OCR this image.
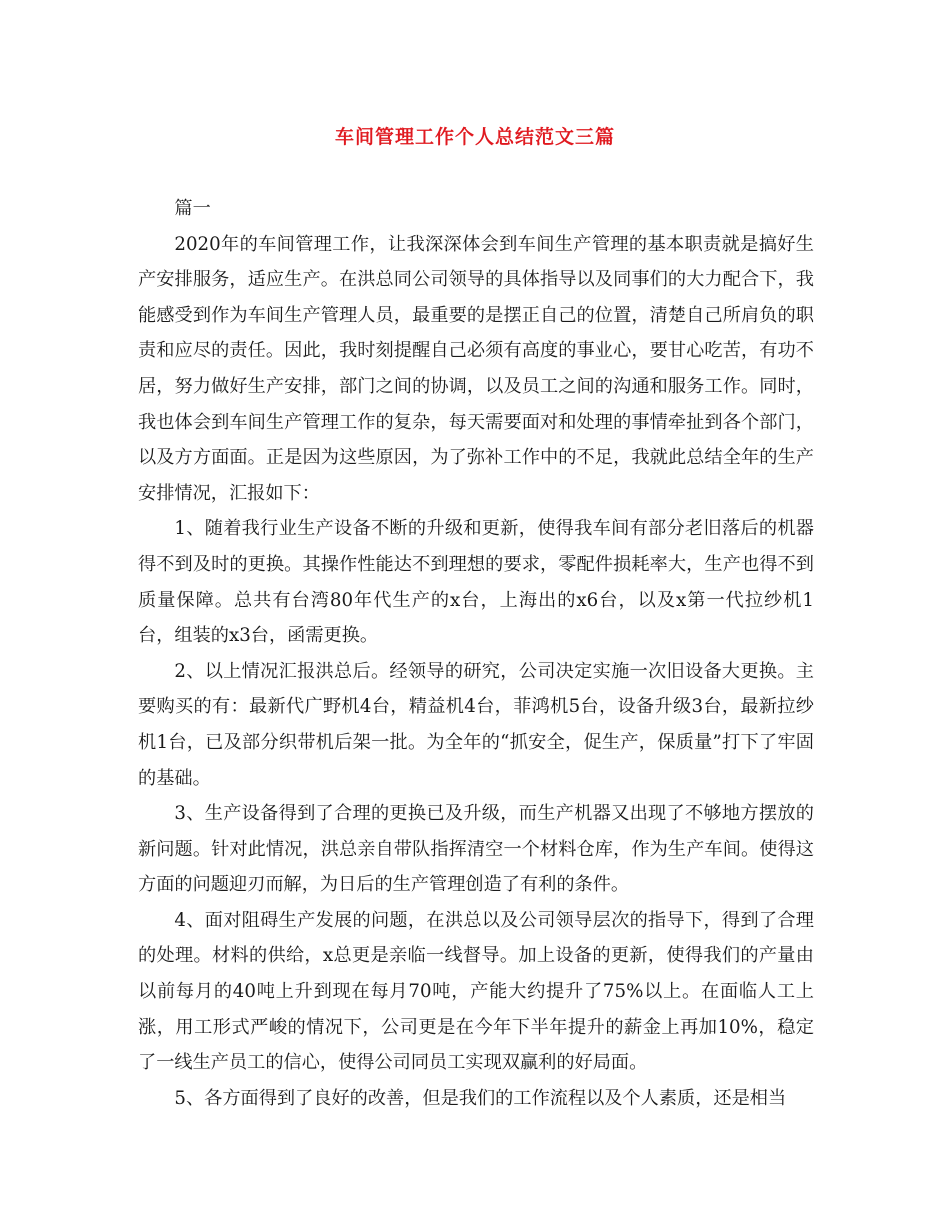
车间管理工作个人总结范文三篇

篇一

2020年的车间管理工作，让我深深体会到车间生产管理的基本职责就是搞好生产安排服务，适应生产。在洪总同公司领导的具体指导以及同事们的大力配合下，我能感受到作为车间生产管理人员，最重要的是摆正自己的位置，清楚自己所肩负的职责和应尽的责任。因此，我时刻提醒自己必须有高度的事业心，要甘心吃苦，有功不居，努力做好生产安排，部门之间的协调，以及员工之间的沟通和服务工作。同时，我也体会到车间生产管理工作的复杂，每天需要面对和处理的事情牵扯到各个部门，以及方方面面。正是因为这些原因，为了弥补工作中的不足，我就此总结全年的生产安排情况，汇报如下：

1、随着我行业生产设备不断的升级和更新，使得我车间有部分老旧落后的机器得不到及时的更换。其操作性能达不到理想的要求，零配件损耗率大，生产也得不到质量保障。总共有台湾80年代生产的x台，上海出的x6台，以及x第一代拉纱机1台，组装的x3台，函需更换。

2、以上情况汇报洪总后。经领导的研究，公司决定实施一次旧设备大更换。主要购买的有：最新代广野机4台，精益机4台，菲鸿机5台，设备升级3台，最新拉纱机1台，已及部分织带机后架一批。为全年的“抓安全，促生产，保质量”打下了牢固的基础。

3、生产设备得到了合理的更换已及升级，而生产机器又出现了不够地方摆放的新问题。针对此情况，洪总亲自带队指挥清空一个材料仓库，作为生产车间。使得这方面的问题迎刃而解，为日后的生产管理创造了有利的条件。

4、面对阻碍生产发展的问题，在洪总以及公司领导层次的指导下，得到了合理的处理。材料的供给，x总更是亲临一线督导。加上设备的更新，使得我们的产量由以前每月的40吨上升到现在每月70吨，产能大约提升了75%以上。在面临人工上涨，用工形式严峻的情况下，公司更是在今年下半年提升的薪金上再加10%，稳定了一线生产员工的信心，使得公司同员工实现双赢利的好局面。

5、各方面得到了良好的改善，但是我们的工作流程以及个人素质，还是相当
